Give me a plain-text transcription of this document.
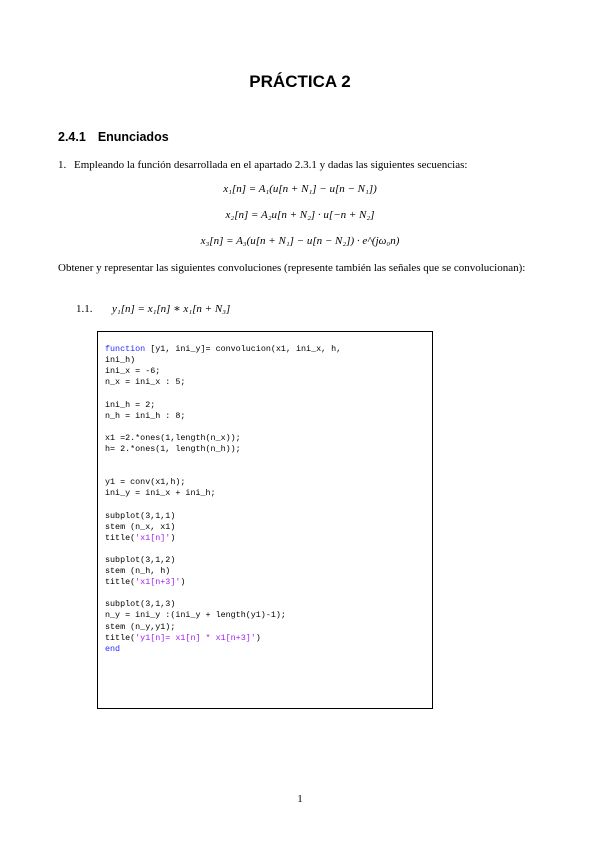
PRÁCTICA 2
2.4.1 Enunciados
1. Empleando la función desarrollada en el apartado 2.3.1 y dadas las siguientes secuencias:
x₁[n] = A₁(u[n + N₁] − u[n − N₁])
x₂[n] = A₂u[n + N₂] · u[−n + N₂]
x₃[n] = A₃(u[n + N₁] − u[n − N₂]) · e^(jω₀n)
Obtener y representar las siguientes convoluciones (represente también las señales que se convolucionan):
1.1. y₁[n] = x₁[n] ∗ x₁[n + N₃]
function [y1, ini_y]= convolucion(x1, ini_x, h,
ini_h)
ini_x = -6;
n_x = ini_x : 5;
ini_h = 2;
n_h = ini_h : 8;
x1 =2.*ones(1,length(n_x));
h= 2.*ones(1, length(n_h));
y1 = conv(x1,h);
ini_y = ini_x + ini_h;
subplot(3,1,1)
stem (n_x, x1)
title('x1[n]')
subplot(3,1,2)
stem (n_h, h)
title('x1[n+3]')
subplot(3,1,3)
n_y = ini_y :(ini_y + length(y1)-1);
stem (n_y,y1);
title('y1[n]= x1[n] * x1[n+3]')
end
1
